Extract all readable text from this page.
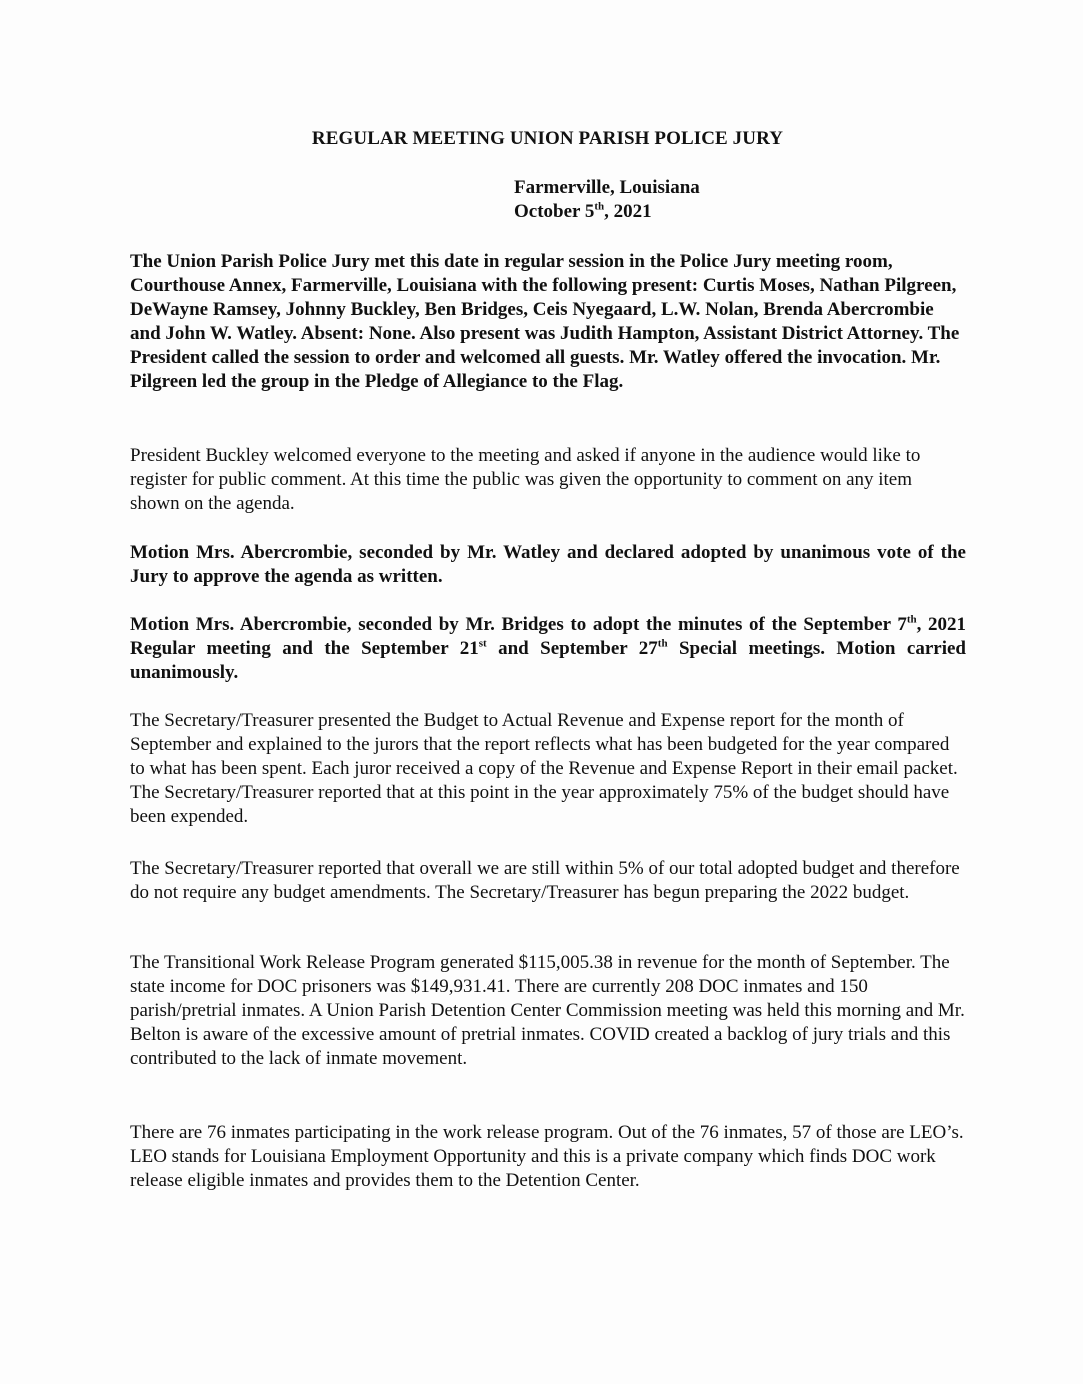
REGULAR MEETING UNION PARISH POLICE JURY
Farmerville, Louisiana
October 5th, 2021

The Union Parish Police Jury met this date in regular session in the Police Jury meeting room, Courthouse Annex, Farmerville, Louisiana with the following present: Curtis Moses, Nathan Pilgreen, DeWayne Ramsey, Johnny Buckley, Ben Bridges, Ceis Nyegaard, L.W. Nolan, Brenda Abercrombie and John W. Watley. Absent: None. Also present was Judith Hampton, Assistant District Attorney. The President called the session to order and welcomed all guests. Mr. Watley offered the invocation. Mr. Pilgreen led the group in the Pledge of Allegiance to the Flag.

President Buckley welcomed everyone to the meeting and asked if anyone in the audience would like to register for public comment. At this time the public was given the opportunity to comment on any item shown on the agenda.

Motion Mrs. Abercrombie, seconded by Mr. Watley and declared adopted by unanimous vote of the Jury to approve the agenda as written.

Motion Mrs. Abercrombie, seconded by Mr. Bridges to adopt the minutes of the September 7th, 2021 Regular meeting and the September 21st and September 27th Special meetings. Motion carried unanimously.

The Secretary/Treasurer presented the Budget to Actual Revenue and Expense report for the month of September and explained to the jurors that the report reflects what has been budgeted for the year compared to what has been spent. Each juror received a copy of the Revenue and Expense Report in their email packet. The Secretary/Treasurer reported that at this point in the year approximately 75% of the budget should have been expended.

The Secretary/Treasurer reported that overall we are still within 5% of our total adopted budget and therefore do not require any budget amendments. The Secretary/Treasurer has begun preparing the 2022 budget.

The Transitional Work Release Program generated $115,005.38 in revenue for the month of September. The state income for DOC prisoners was $149,931.41. There are currently 208 DOC inmates and 150 parish/pretrial inmates. A Union Parish Detention Center Commission meeting was held this morning and Mr. Belton is aware of the excessive amount of pretrial inmates. COVID created a backlog of jury trials and this contributed to the lack of inmate movement.

There are 76 inmates participating in the work release program. Out of the 76 inmates, 57 of those are LEO’s. LEO stands for Louisiana Employment Opportunity and this is a private company which finds DOC work release eligible inmates and provides them to the Detention Center.
